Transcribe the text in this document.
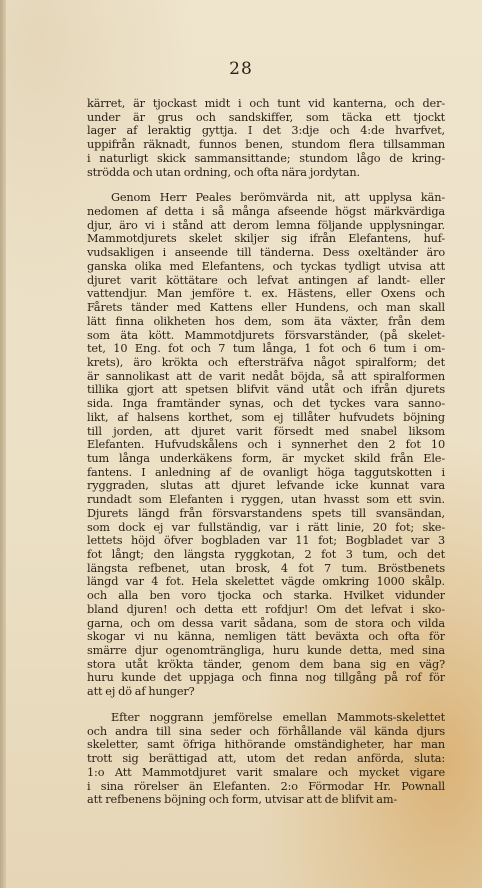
28
kärret, är tjockast midt i och tunt vid kanterna, och der-
under är grus och sandskiffer, som täcka ett tjockt
lager af leraktig gyttja. I det 3:dje och 4:de hvarfvet,
uppifrån räknadt, funnos benen, stundom flera tillsamman
i naturligt skick sammansittande; stundom lågo de kring-
strödda och utan ordning, och ofta nära jordytan.
Genom Herr Peales berömvärda nit, att upplysa kän-
nedomen af detta i så många afseende högst märkvärdiga
djur, äro vi i stånd att derom lemna följande upplysningar.
Mammotdjurets skelet skiljer sig ifrån Elefantens, huf-
vudsakligen i anseende till tänderna. Dess oxeltänder äro
ganska olika med Elefantens, och tyckas tydligt utvisa att
djuret varit köttätare och lefvat antingen af landt- eller
vattendjur. Man jemföre t. ex. Hästens, eller Oxens och
Fårets tänder med Kattens eller Hundens, och man skall
lätt finna olikheten hos dem, som äta växter, från dem
som äta kött. Mammotdjurets försvarständer, (på skelet-
tet, 10 Eng. fot och 7 tum långa, 1 fot och 6 tum i om-
krets), äro krökta och eftersträfva något spiralform; det
är sannolikast att de varit nedåt böjda, så att spiralformen
tillika gjort att spetsen blifvit vänd utåt och ifrån djurets
sida. Inga framtänder synas, och det tyckes vara sanno-
likt, af halsens korthet, som ej tillåter hufvudets böjning
till jorden, att djuret varit försedt med snabel liksom
Elefanten. Hufvudskålens och i synnerhet den 2 fot 10
tum långa underkäkens form, är mycket skild från Ele-
fantens. I anledning af de ovanligt höga taggutskotten i
ryggraden, slutas att djuret lefvande icke kunnat vara
rundadt som Elefanten i ryggen, utan hvasst som ett svin.
Djurets längd från försvarstandens spets till svansändan,
som dock ej var fullständig, var i rätt linie, 20 fot; ske-
lettets höjd öfver bogbladen var 11 fot; Bogbladet var 3
fot långt; den längsta ryggkotan, 2 fot 3 tum, och det
längsta refbenet, utan brosk, 4 fot 7 tum. Bröstbenets
längd var 4 fot. Hela skelettet vägde omkring 1000 skålp.
och alla ben voro tjocka och starka. Hvilket vidunder
bland djuren! och detta ett rofdjur! Om det lefvat i sko-
garna, och om dessa varit sådana, som de stora och vilda
skogar vi nu känna, nemligen tätt beväxta och ofta för
smärre djur ogenomträngliga, huru kunde detta, med sina
stora utåt krökta tänder, genom dem bana sig en väg?
huru kunde det uppjaga och finna nog tillgång på rof för
att ej dö af hunger?
Efter noggrann jemförelse emellan Mammots-skelettet
och andra till sina seder och förhållande väl kända djurs
skeletter, samt öfriga hithörande omständigheter, har man
trott sig berättigad att, utom det redan anförda, sluta:
1:o Att Mammotdjuret varit smalare och mycket vigare
i sina rörelser än Elefanten. 2:o Förmodar Hr. Pownall
att refbenens böjning och form, utvisar att de blifvit am-
